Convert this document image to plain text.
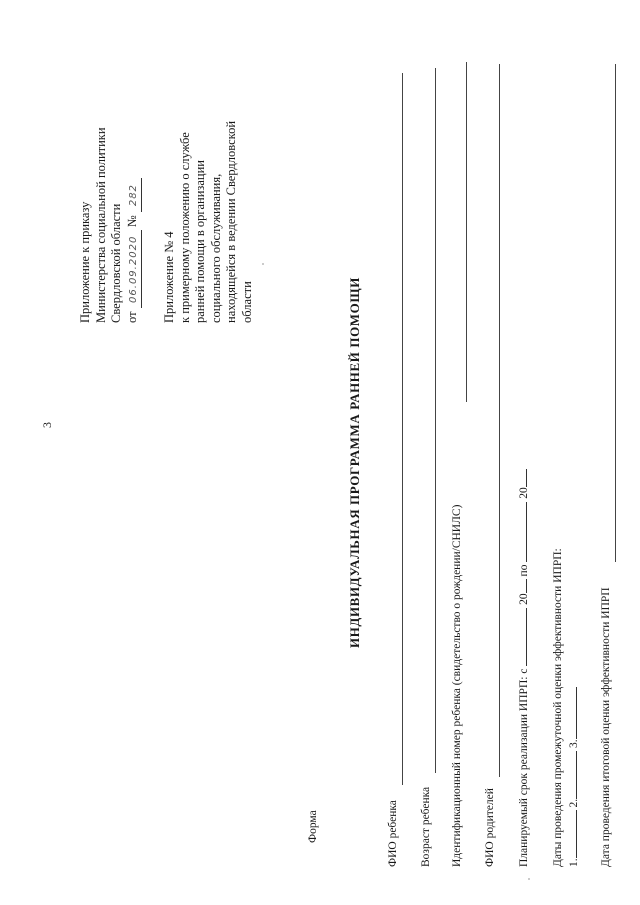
3
Приложение к приказу Министерства социальной политики Свердловской области от 06.09.2020 № 282
Приложение № 4 к примерному положению о службе ранней помощи в организации социального обслуживания, находящейся в ведении Свердловской области
Форма
ИНДИВИДУАЛЬНАЯ ПРОГРАММА РАННЕЙ ПОМОЩИ
ФИО ребенка Возраст ребенка Идентификационный номер ребенка (свидетельство о рождении/СНИЛС) ФИО родителей Планируемый срок реализации ИПРП: с  20 по  20
Даты проведения промежуточной оценки эффективности ИПРП: 1. 2. 3. Дата проведения итоговой оценки эффективности ИПРП
